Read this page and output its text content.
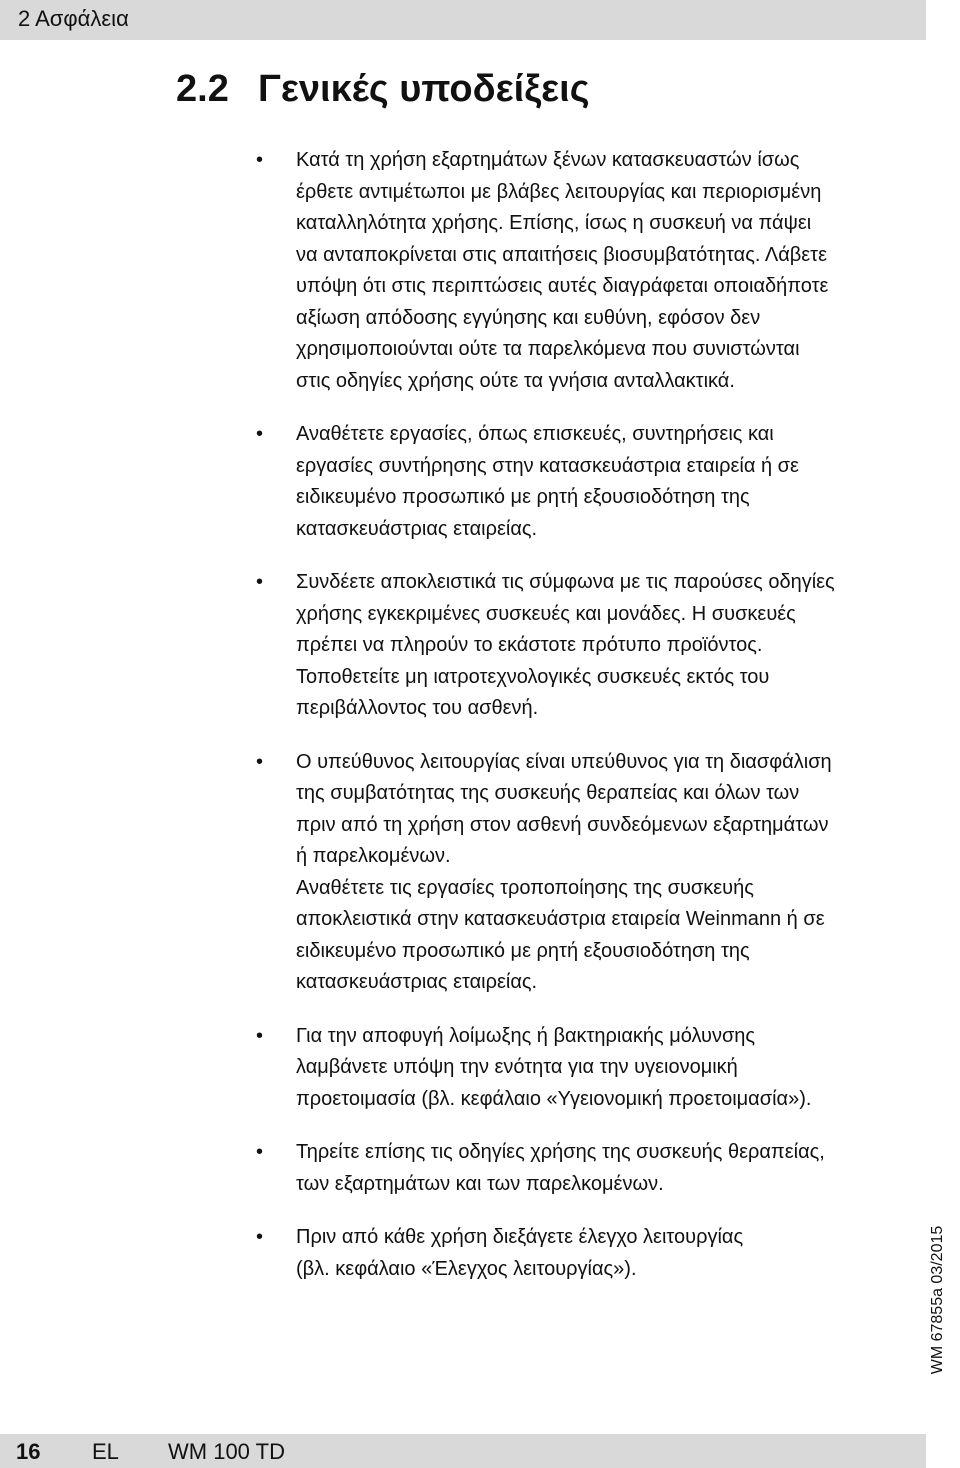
2 Ασφάλεια
2.2 Γενικές υποδείξεις
• Κατά τη χρήση εξαρτημάτων ξένων κατασκευαστών ίσως
έρθετε αντιμέτωποι με βλάβες λειτουργίας και περιορισμένη
καταλληλότητα χρήσης. Επίσης, ίσως η συσκευή να πάψει
να ανταποκρίνεται στις απαιτήσεις βιοσυμβατότητας. Λάβετε
υπόψη ότι στις περιπτώσεις αυτές διαγράφεται οποιαδήποτε
αξίωση απόδοσης εγγύησης και ευθύνη, εφόσον δεν
χρησιμοποιούνται ούτε τα παρελκόμενα που συνιστώνται
στις οδηγίες χρήσης ούτε τα γνήσια ανταλλακτικά.
• Αναθέτετε εργασίες, όπως επισκευές, συντηρήσεις και
εργασίες συντήρησης στην κατασκευάστρια εταιρεία ή σε
ειδικευμένο προσωπικό με ρητή εξουσιοδότηση της
κατασκευάστριας εταιρείας.
• Συνδέετε αποκλειστικά τις σύμφωνα με τις παρούσες οδηγίες
χρήσης εγκεκριμένες συσκευές και μονάδες. Η συσκευές
πρέπει να πληρούν το εκάστοτε πρότυπο προϊόντος.
Τοποθετείτε μη ιατροτεχνολογικές συσκευές εκτός του
περιβάλλοντος του ασθενή.
• Ο υπεύθυνος λειτουργίας είναι υπεύθυνος για τη διασφάλιση
της συμβατότητας της συσκευής θεραπείας και όλων των
πριν από τη χρήση στον ασθενή συνδεόμενων εξαρτημάτων
ή παρελκομένων.
Αναθέτετε τις εργασίες τροποποίησης της συσκευής
αποκλειστικά στην κατασκευάστρια εταιρεία Weinmann ή σε
ειδικευμένο προσωπικό με ρητή εξουσιοδότηση της
κατασκευάστριας εταιρείας.
• Για την αποφυγή λοίμωξης ή βακτηριακής μόλυνσης
λαμβάνετε υπόψη την ενότητα για την υγειονομική
προετοιμασία (βλ. κεφάλαιο «Υγειονομική προετοιμασία»).
• Τηρείτε επίσης τις οδηγίες χρήσης της συσκευής θεραπείας,
των εξαρτημάτων και των παρελκομένων.
• Πριν από κάθε χρήση διεξάγετε έλεγχο λειτουργίας
(βλ. κεφάλαιο «Έλεγχος λειτουργίας»).	WM 67855a 03/2015
16 EL WM 100 TD
